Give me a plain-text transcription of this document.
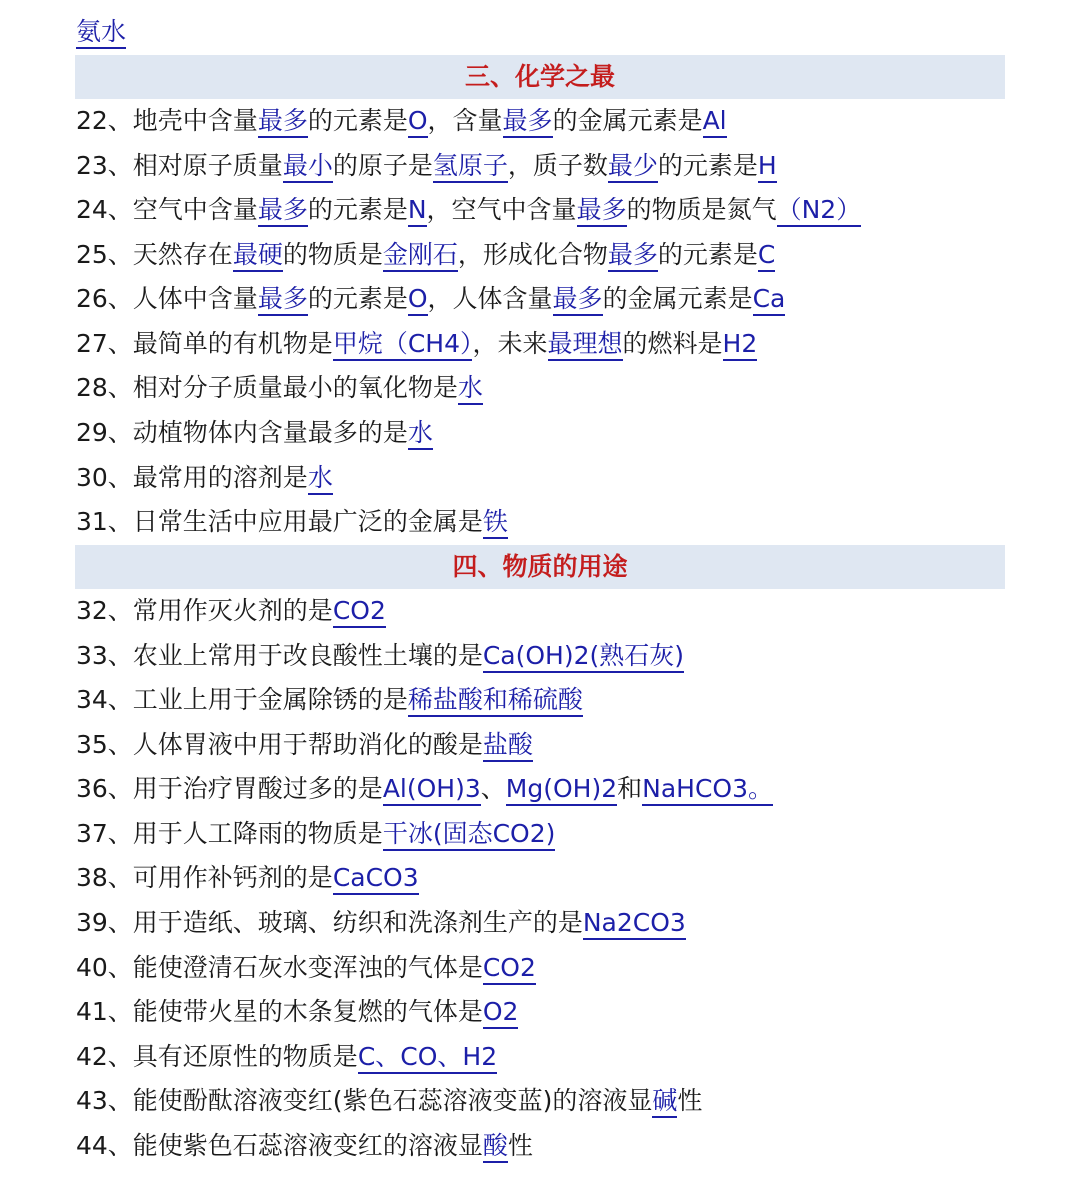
氨水
三、化学之最
22、地壳中含量最多的元素是O，含量最多的金属元素是Al
23、相对原子质量最小的原子是氢原子，质子数最少的元素是H
24、空气中含量最多的元素是N，空气中含量最多的物质是氮气（N2）
25、天然存在最硬的物质是金刚石，形成化合物最多的元素是C
26、人体中含量最多的元素是O，人体含量最多的金属元素是Ca
27、最简单的有机物是甲烷（CH4），未来最理想的燃料是H2
28、相对分子质量最小的氧化物是水
29、动植物体内含量最多的是水
30、最常用的溶剂是水
31、日常生活中应用最广泛的金属是铁
四、物质的用途
32、常用作灭火剂的是CO2
33、农业上常用于改良酸性土壤的是Ca(OH)2(熟石灰)
34、工业上用于金属除锈的是稀盐酸和稀硫酸
35、人体胃液中用于帮助消化的酸是盐酸
36、用于治疗胃酸过多的是Al(OH)3、Mg(OH)2和NaHCO3。
37、用于人工降雨的物质是干冰(固态CO2)
38、可用作补钙剂的是CaCO3
39、用于造纸、玻璃、纺织和洗涤剂生产的是Na2CO3
40、能使澄清石灰水变浑浊的气体是CO2
41、能使带火星的木条复燃的气体是O2
42、具有还原性的物质是C、CO、H2
43、能使酚酞溶液变红(紫色石蕊溶液变蓝)的溶液显碱性
44、能使紫色石蕊溶液变红的溶液显酸性
